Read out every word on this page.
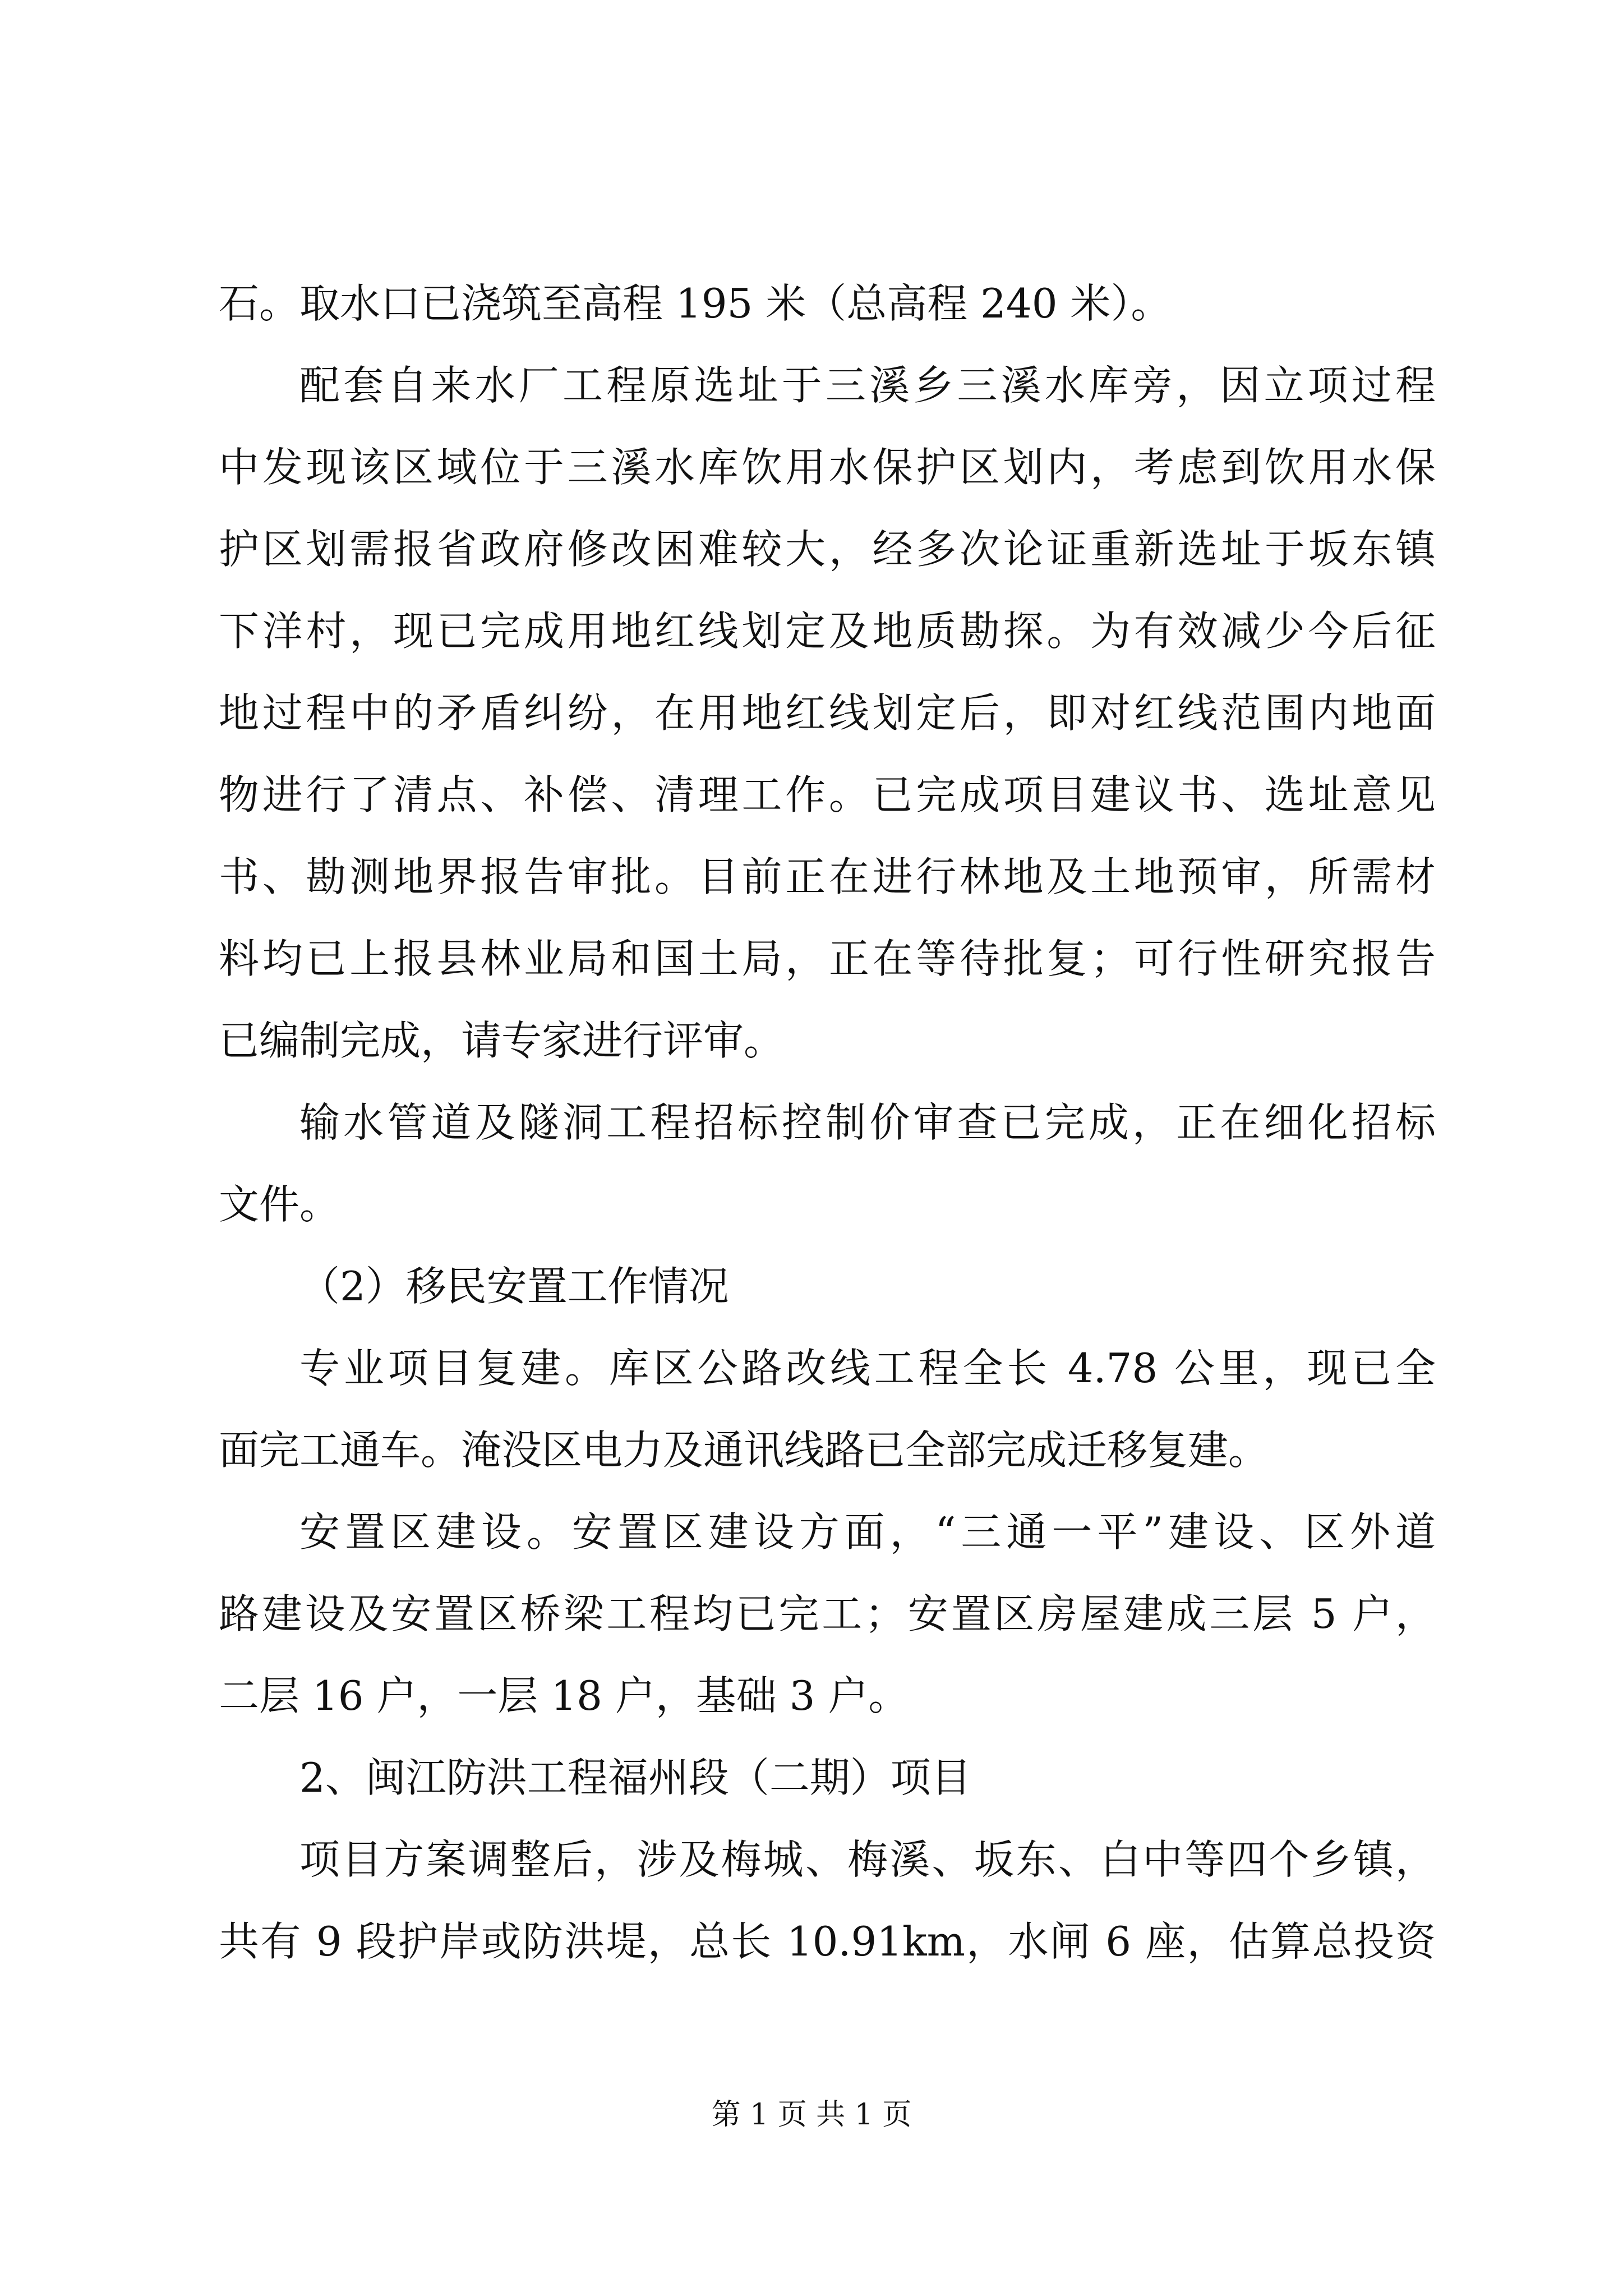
石。取水口已浇筑至高程 195 米（总高程 240 米）。
配套自来水厂工程原选址于三溪乡三溪水库旁，因立项过程
中发现该区域位于三溪水库饮用水保护区划内，考虑到饮用水保
护区划需报省政府修改困难较大，经多次论证重新选址于坂东镇
下洋村，现已完成用地红线划定及地质勘探。为有效减少今后征
地过程中的矛盾纠纷，在用地红线划定后，即对红线范围内地面
物进行了清点、补偿、清理工作。已完成项目建议书、选址意见
书、勘测地界报告审批。目前正在进行林地及土地预审，所需材
料均已上报县林业局和国土局，正在等待批复；可行性研究报告
已编制完成，请专家进行评审。
输水管道及隧洞工程招标控制价审查已完成，正在细化招标
文件。
（2）移民安置工作情况
专业项目复建。库区公路改线工程全长 4.78 公里，现已全
面完工通车。淹没区电力及通讯线路已全部完成迁移复建。
安置区建设。安置区建设方面，“三通一平”建设、区外道
路建设及安置区桥梁工程均已完工；安置区房屋建成三层 5 户，
二层 16 户，一层 18 户，基础 3 户。
2、闽江防洪工程福州段（二期）项目
项目方案调整后，涉及梅城、梅溪、坂东、白中等四个乡镇，
共有 9 段护岸或防洪堤，总长 10.91km，水闸 6 座，估算总投资
第 1 页 共 1 页
